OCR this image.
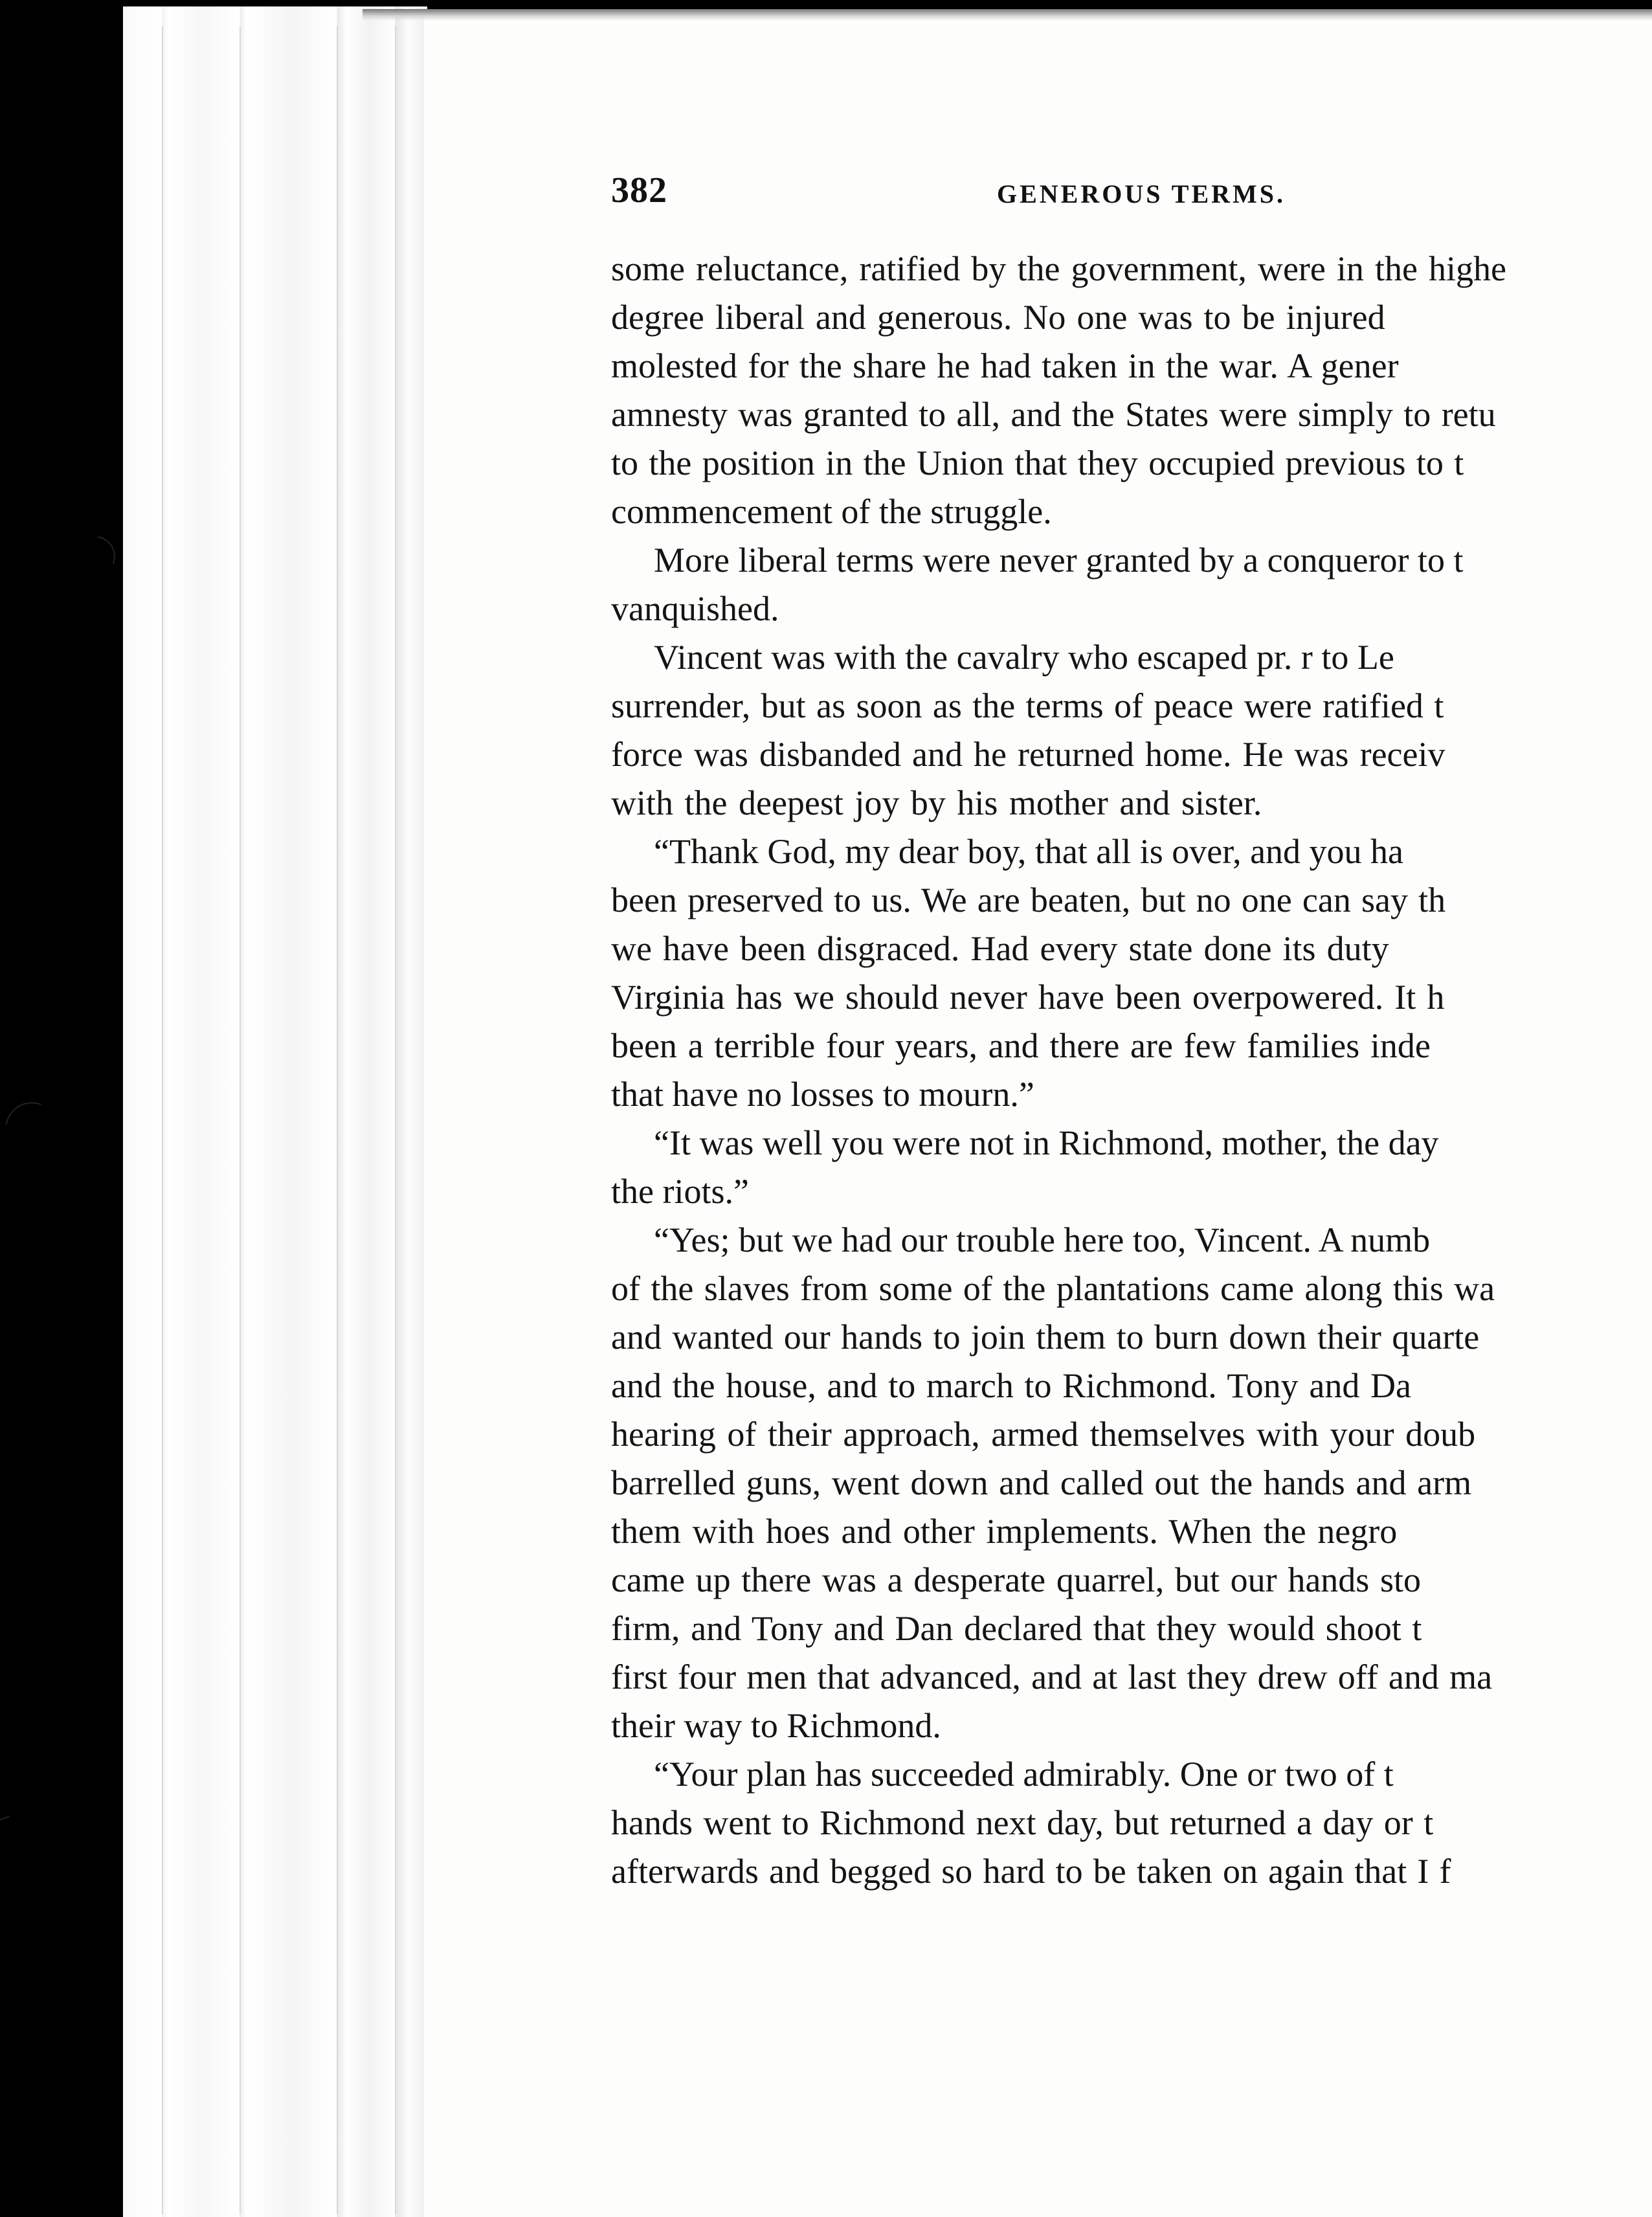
382	GENEROUS TERMS.
some reluctance, ratified by the government, were in the highe
degree liberal and generous. No one was to be injured
molested for the share he had taken in the war. A gener
amnesty was granted to all, and the States were simply to retu
to the position in the Union that they occupied previous to t
commencement of the struggle.
More liberal terms were never granted by a conqueror to t
vanquished.
Vincent was with the cavalry who escaped pr. r to Le
surrender, but as soon as the terms of peace were ratified t
force was disbanded and he returned home. He was receiv
with the deepest joy by his mother and sister.
“Thank God, my dear boy, that all is over, and you ha
been preserved to us. We are beaten, but no one can say th
we have been disgraced. Had every state done its duty
Virginia has we should never have been overpowered. It h
been a terrible four years, and there are few families inde
that have no losses to mourn.”
“It was well you were not in Richmond, mother, the day
the riots.”
“Yes; but we had our trouble here too, Vincent. A numb
of the slaves from some of the plantations came along this wa
and wanted our hands to join them to burn down their quarte
and the house, and to march to Richmond. Tony and Da
hearing of their approach, armed themselves with your doub
barrelled guns, went down and called out the hands and arm
them with hoes and other implements. When the negro
came up there was a desperate quarrel, but our hands sto
firm, and Tony and Dan declared that they would shoot t
first four men that advanced, and at last they drew off and ma
their way to Richmond.
“Your plan has succeeded admirably. One or two of t
hands went to Richmond next day, but returned a day or t
afterwards and begged so hard to be taken on again that I f
